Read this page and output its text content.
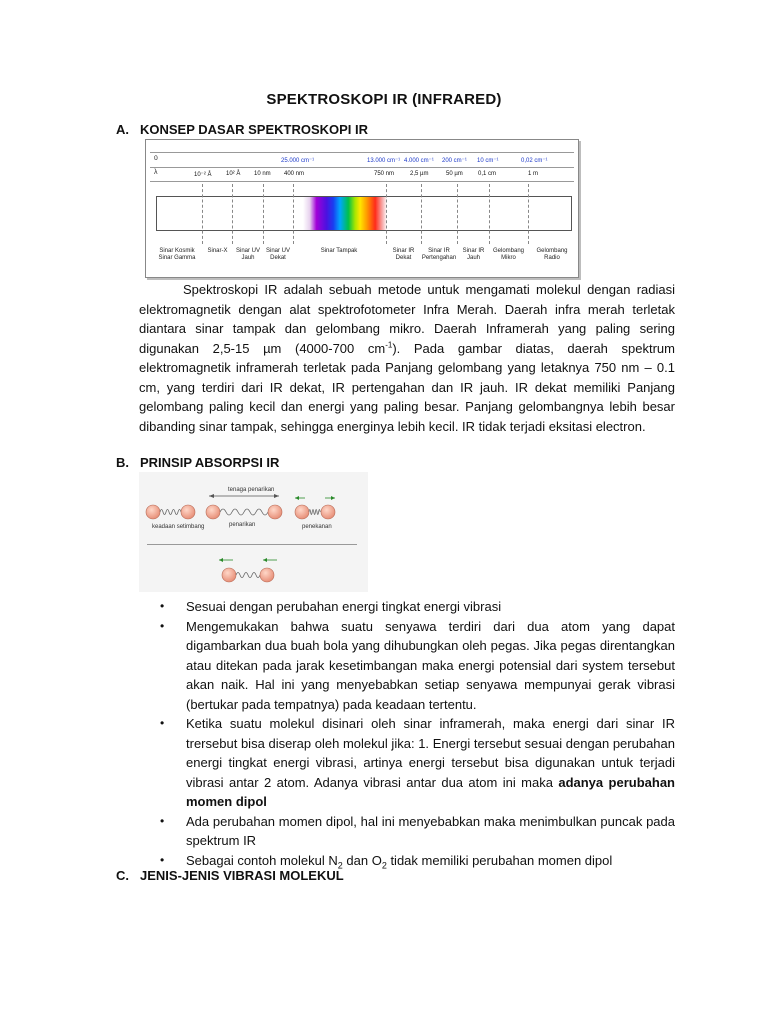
SPEKTROSKOPI IR (INFRARED)
A. KONSEP DASAR SPEKTROSKOPI IR
ῡ
λ
25.000 cm⁻¹	13.000 cm⁻¹ 4.000 cm⁻¹ 200 cm⁻¹ 10 cm⁻¹	0,02 cm⁻¹
10⁻² Å 10² Å 10 nm 400 nm	750 nm	2,5 µm	50 µm	0,1 cm	1 m
Sinar Kosmik
Sinar Gamma
Sinar-X	Sinar UV
Jauh
Sinar UV
Dekat
Sinar Tampak	Sinar IR
Dekat
Sinar IR
Pertengahan
Sinar IR
Jauh
Gelombang
Mikro
Gelombang
Radio
Spektroskopi IR adalah sebuah metode untuk mengamati molekul dengan radiasi elektromagnetik dengan alat spektrofotometer Infra Merah. Daerah infra merah terletak diantara sinar tampak dan gelombang mikro. Daerah Inframerah yang paling sering digunakan 2,5-15 µm (4000-700 $cm^{-1}$). Pada gambar diatas, daerah spektrum elektromagnetik inframerah terletak pada Panjang gelombang yang letaknya 750 nm – 0.1 cm, yang terdiri dari IR dekat, IR pertengahan dan IR jauh. IR dekat memiliki Panjang gelombang paling kecil dan energi yang paling besar. Panjang gelombangnya lebih besar dibanding sinar tampak, sehingga energinya lebih kecil. IR tidak terjadi eksitasi electron.
B. PRINSIP ABSORPSI IR
tenaga penarikan
keadaan setimbang	penarikan	penekanan
• Sesuai dengan perubahan energi tingkat energi vibrasi
• Mengemukakan bahwa suatu senyawa terdiri dari dua atom yang dapat digambarkan dua buah bola yang dihubungkan oleh pegas. Jika pegas direntangkan atau ditekan pada jarak kesetimbangan maka energi potensial dari system tersebut akan naik. Hal ini yang menyebabkan setiap senyawa mempunyai gerak vibrasi (bertukar pada tempatnya) pada keadaan tertentu.
• Ketika suatu molekul disinari oleh sinar inframerah, maka energi dari sinar IR trersebut bisa diserap oleh molekul jika: 1. Energi tersebut sesuai dengan perubahan energi tingkat energi vibrasi, artinya energi tersebut bisa digunakan untuk terjadi vibrasi antar 2 atom. Adanya vibrasi antar dua atom ini maka adanya perubahan momen dipol
• Ada perubahan momen dipol, hal ini menyebabkan maka menimbulkan puncak pada spektrum IR
• Sebagai contoh molekul $N_2$ dan $O_2$ tidak memiliki perubahan momen dipol
C. JENIS-JENIS VIBRASI MOLEKUL
